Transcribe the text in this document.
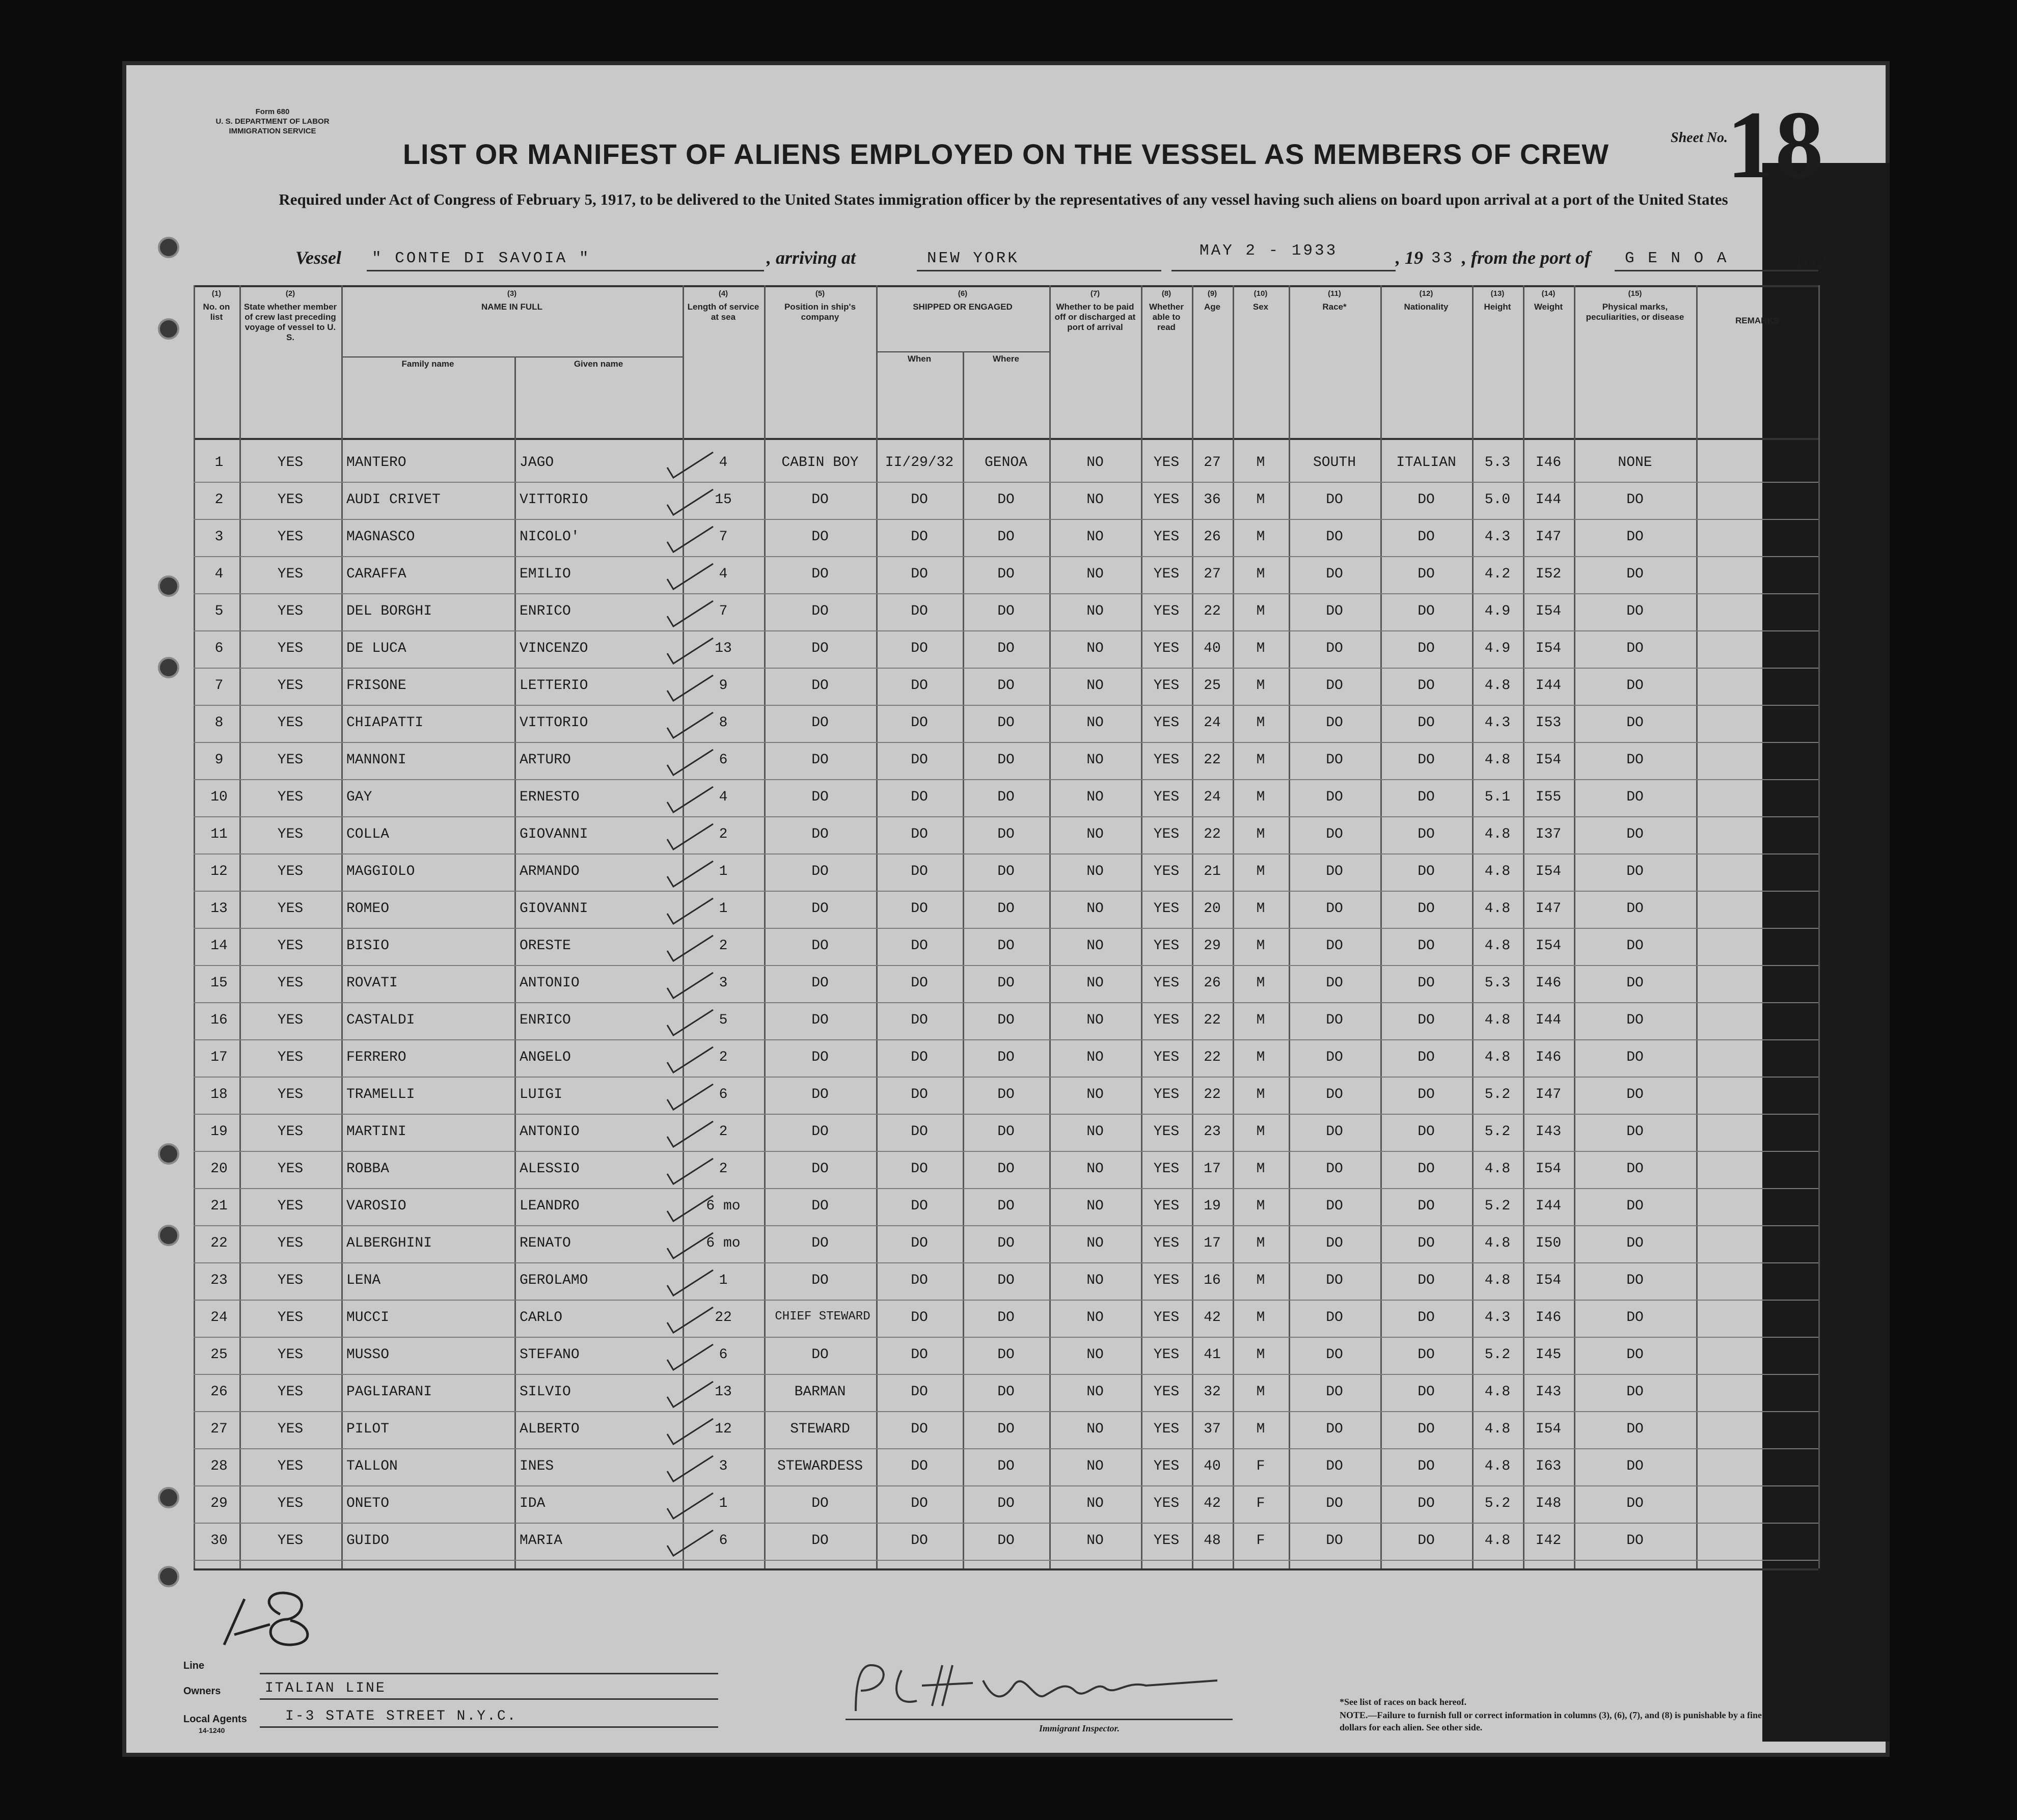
Form 680
U. S. DEPARTMENT OF LABOR
IMMIGRATION SERVICE	Sheet No.
18
LIST OR MANIFEST OF ALIENS EMPLOYED ON THE VESSEL AS MEMBERS OF CREW
Required under Act of Congress of February 5, 1917, to be delivered to the United States immigration officer by the representatives of any vessel having such aliens on board upon arrival at a port of the United States
Vessel " CONTE DI SAVOIA "	, arriving at	NEW YORK	MAY 2 - 1933	, 19 33 , from the port of G E N O A	102
(1)
No. on list
(2)
State whether member of crew last preceding voyage of vessel to U. S.
(3)
NAME IN FULL
Family name	Given name
(4)
Length of service at sea
(5)
Position in ship's company
(6)
SHIPPED OR ENGAGED
When	Where
(7)
Whether to be paid off or discharged at port of arrival
(8)
Whether able to read
(9)
Age
(10)
Sex
(11)
Race*
(12)
Nationality
(13)
Height
(14)
Weight
(15)
Physical marks, peculiarities, or disease	REMARKS
1	YES	MANTERO	JAGO	4	CABIN BOY	II/29/32	GENOA	NO	YES	27	M	SOUTH	ITALIAN	5.3	I46	NONE
2	YES	AUDI CRIVET	VITTORIO	15	DO	DO	DO	NO	YES	36	M	DO	DO	5.0	I44	DO
3	YES	MAGNASCO	NICOLO'	7	DO	DO	DO	NO	YES	26	M	DO	DO	4.3	I47	DO
4	YES	CARAFFA	EMILIO	4	DO	DO	DO	NO	YES	27	M	DO	DO	4.2	I52	DO
5	YES	DEL BORGHI	ENRICO	7	DO	DO	DO	NO	YES	22	M	DO	DO	4.9	I54	DO
6	YES	DE LUCA	VINCENZO	13	DO	DO	DO	NO	YES	40	M	DO	DO	4.9	I54	DO
7	YES	FRISONE	LETTERIO	9	DO	DO	DO	NO	YES	25	M	DO	DO	4.8	I44	DO
8	YES	CHIAPATTI	VITTORIO	8	DO	DO	DO	NO	YES	24	M	DO	DO	4.3	I53	DO
9	YES	MANNONI	ARTURO	6	DO	DO	DO	NO	YES	22	M	DO	DO	4.8	I54	DO
10	YES	GAY	ERNESTO	4	DO	DO	DO	NO	YES	24	M	DO	DO	5.1	I55	DO
11	YES	COLLA	GIOVANNI	2	DO	DO	DO	NO	YES	22	M	DO	DO	4.8	I37	DO
12	YES	MAGGIOLO	ARMANDO	1	DO	DO	DO	NO	YES	21	M	DO	DO	4.8	I54	DO
13	YES	ROMEO	GIOVANNI	1	DO	DO	DO	NO	YES	20	M	DO	DO	4.8	I47	DO
14	YES	BISIO	ORESTE	2	DO	DO	DO	NO	YES	29	M	DO	DO	4.8	I54	DO
15	YES	ROVATI	ANTONIO	3	DO	DO	DO	NO	YES	26	M	DO	DO	5.3	I46	DO
16	YES	CASTALDI	ENRICO	5	DO	DO	DO	NO	YES	22	M	DO	DO	4.8	I44	DO
17	YES	FERRERO	ANGELO	2	DO	DO	DO	NO	YES	22	M	DO	DO	4.8	I46	DO
18	YES	TRAMELLI	LUIGI	6	DO	DO	DO	NO	YES	22	M	DO	DO	5.2	I47	DO
19	YES	MARTINI	ANTONIO	2	DO	DO	DO	NO	YES	23	M	DO	DO	5.2	I43	DO
20	YES	ROBBA	ALESSIO	2	DO	DO	DO	NO	YES	17	M	DO	DO	4.8	I54	DO
21	YES	VAROSIO	LEANDRO	6 mo	DO	DO	DO	NO	YES	19	M	DO	DO	5.2	I44	DO
22	YES	ALBERGHINI	RENATO	6 mo	DO	DO	DO	NO	YES	17	M	DO	DO	4.8	I50	DO
23	YES	LENA	GEROLAMO	1	DO	DO	DO	NO	YES	16	M	DO	DO	4.8	I54	DO
24	YES	MUCCI	CARLO	22	CHIEF STEWARD	DO	DO	NO	YES	42	M	DO	DO	4.3	I46	DO
25	YES	MUSSO	STEFANO	6	DO	DO	DO	NO	YES	41	M	DO	DO	5.2	I45	DO
26	YES	PAGLIARANI	SILVIO	13	BARMAN	DO	DO	NO	YES	32	M	DO	DO	4.8	I43	DO
27	YES	PILOT	ALBERTO	12	STEWARD	DO	DO	NO	YES	37	M	DO	DO	4.8	I54	DO
28	YES	TALLON	INES	3	STEWARDESS	DO	DO	NO	YES	40	F	DO	DO	4.8	I63	DO
29	YES	ONETO	IDA	1	DO	DO	DO	NO	YES	42	F	DO	DO	5.2	I48	DO
30	YES	GUIDO	MARIA	6	DO	DO	DO	NO	YES	48	F	DO	DO	4.8	I42	DO
Line
Owners	ITALIAN LINE
Local Agents
14-1240
I-3 STATE STREET N.Y.C.
Immigrant Inspector.
*See list of races on back hereof.
NOTE.—Failure to furnish full or correct information in columns (3), (6), (7), and (8) is punishable by a fine of ten dollars for each alien. See other side.
